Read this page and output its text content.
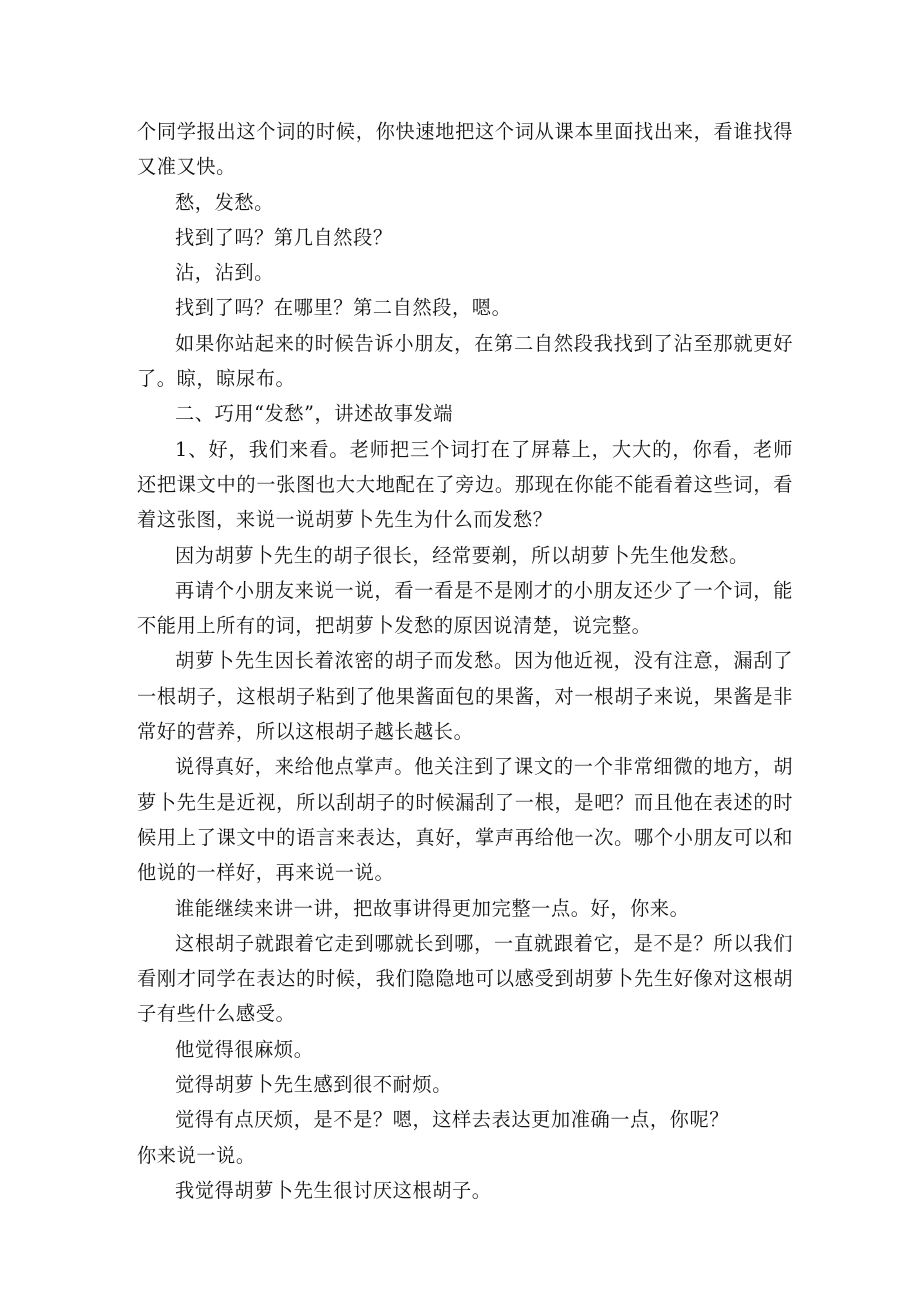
个同学报出这个词的时候，你快速地把这个词从课本里面找出来，看谁找得又准又快。

愁，发愁。

找到了吗？第几自然段？

沾，沾到。

找到了吗？在哪里？第二自然段，嗯。

如果你站起来的时候告诉小朋友，在第二自然段我找到了沾至那就更好了。晾，晾尿布。

二、巧用“发愁”，讲述故事发端

1、好，我们来看。老师把三个词打在了屏幕上，大大的，你看，老师还把课文中的一张图也大大地配在了旁边。那现在你能不能看着这些词，看着这张图，来说一说胡萝卜先生为什么而发愁？

因为胡萝卜先生的胡子很长，经常要剃，所以胡萝卜先生他发愁。

再请个小朋友来说一说，看一看是不是刚才的小朋友还少了一个词，能不能用上所有的词，把胡萝卜发愁的原因说清楚，说完整。

胡萝卜先生因长着浓密的胡子而发愁。因为他近视，没有注意，漏刮了一根胡子，这根胡子粘到了他果酱面包的果酱，对一根胡子来说，果酱是非常好的营养，所以这根胡子越长越长。

说得真好，来给他点掌声。他关注到了课文的一个非常细微的地方，胡萝卜先生是近视，所以刮胡子的时候漏刮了一根，是吧？而且他在表述的时候用上了课文中的语言来表达，真好，掌声再给他一次。哪个小朋友可以和他说的一样好，再来说一说。

谁能继续来讲一讲，把故事讲得更加完整一点。好，你来。

这根胡子就跟着它走到哪就长到哪，一直就跟着它，是不是？所以我们看刚才同学在表达的时候，我们隐隐地可以感受到胡萝卜先生好像对这根胡子有些什么感受。

他觉得很麻烦。

觉得胡萝卜先生感到很不耐烦。

觉得有点厌烦，是不是？嗯，这样去表达更加准确一点，你呢？

你来说一说。

我觉得胡萝卜先生很讨厌这根胡子。
